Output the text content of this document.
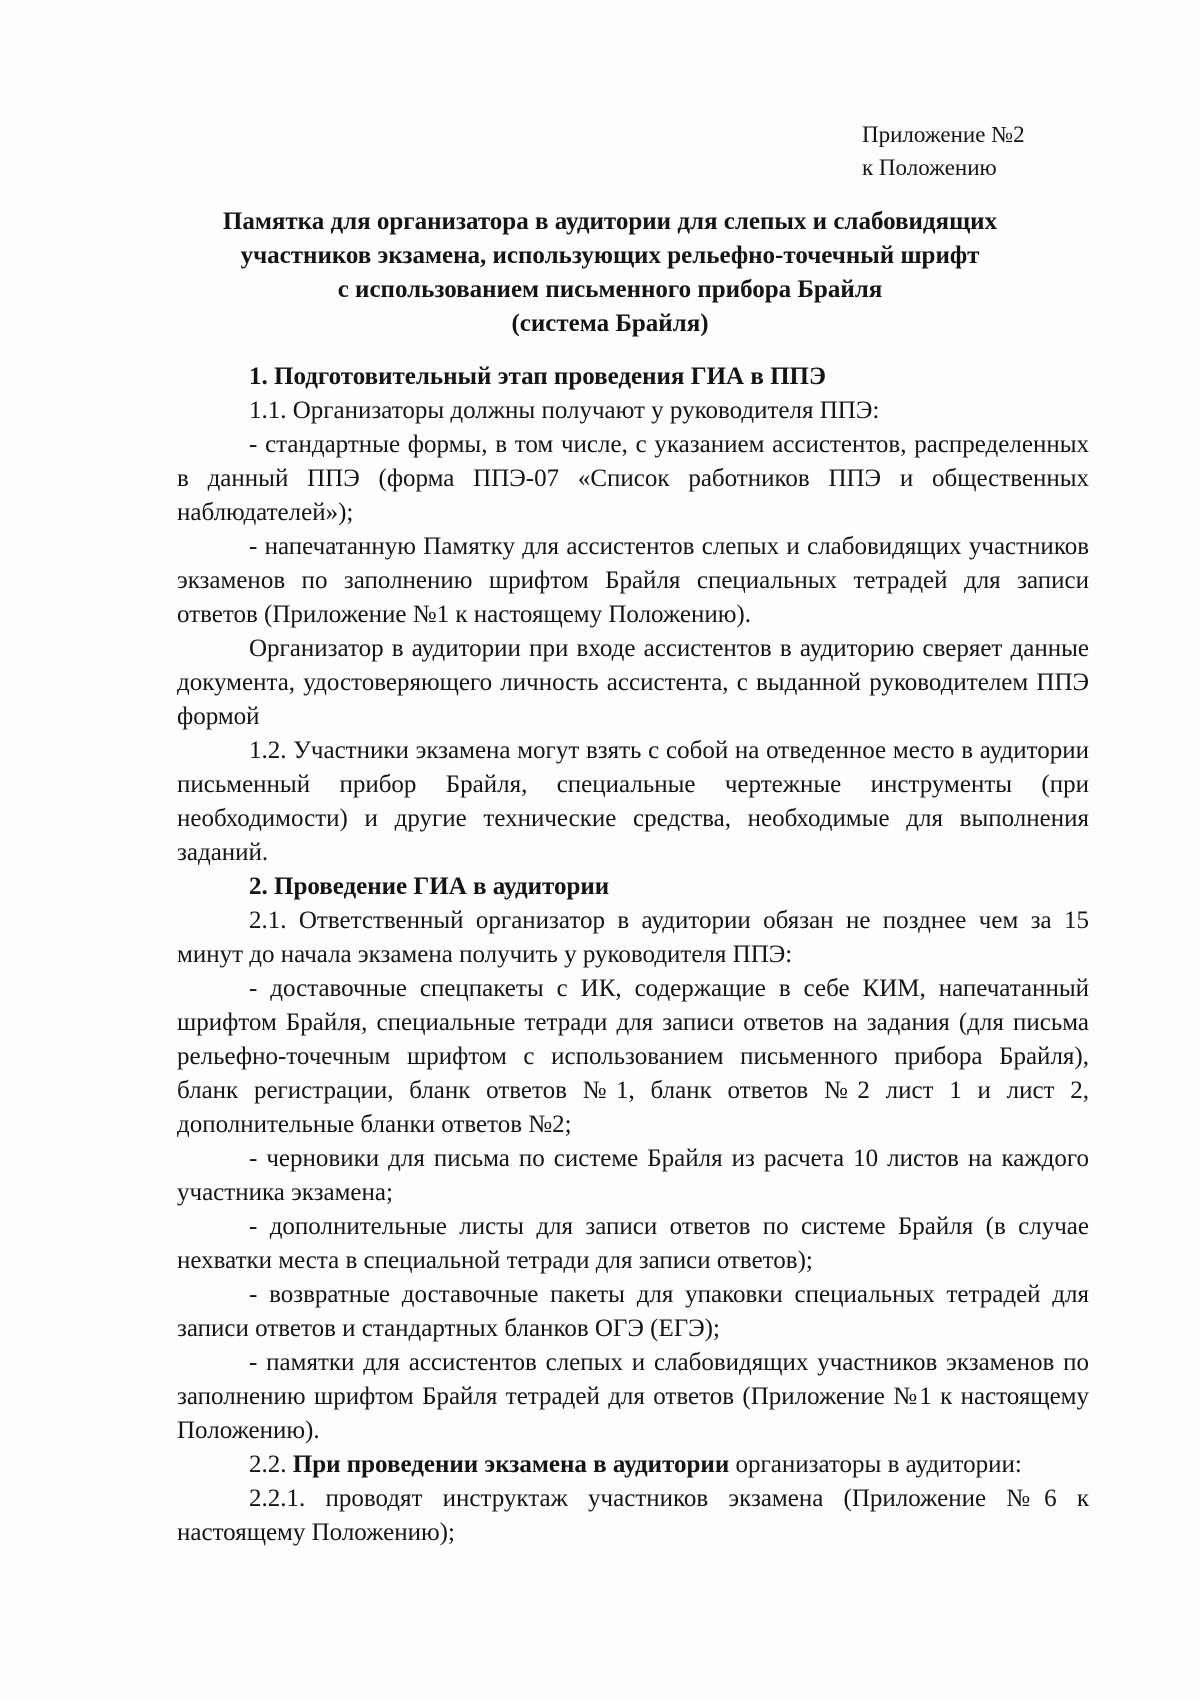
Приложение №2
к Положению
Памятка для организатора в аудитории для слепых и слабовидящих
участников экзамена, использующих рельефно-точечный шрифт
с использованием письменного прибора Брайля
(система Брайля)

1. Подготовительный этап проведения ГИА в ППЭ

1.1. Организаторы должны получают у руководителя ППЭ:

- стандартные формы, в том числе, с указанием ассистентов, распределенных в данный ППЭ (форма ППЭ-07 «Список работников ППЭ и общественных наблюдателей»);

- напечатанную Памятку для ассистентов слепых и слабовидящих участников экзаменов по заполнению шрифтом Брайля специальных тетрадей для записи ответов (Приложение №1 к настоящему Положению).

Организатор в аудитории при входе ассистентов в аудиторию сверяет данные документа, удостоверяющего личность ассистента, с выданной руководителем ППЭ формой

1.2. Участники экзамена могут взять с собой на отведенное место в аудитории письменный прибор Брайля, специальные чертежные инструменты (при необходимости) и другие технические средства, необходимые для выполнения заданий.

2. Проведение ГИА в аудитории

2.1. Ответственный организатор в аудитории обязан не позднее чем за 15 минут до начала экзамена получить у руководителя ППЭ:

- доставочные спецпакеты с ИК, содержащие в себе КИМ, напечатанный шрифтом Брайля, специальные тетради для записи ответов на задания (для письма рельефно-точечным шрифтом с использованием письменного прибора Брайля), бланк регистрации, бланк ответов №1, бланк ответов №2 лист 1 и лист 2, дополнительные бланки ответов №2;

- черновики для письма по системе Брайля из расчета 10 листов на каждого участника экзамена;

- дополнительные листы для записи ответов по системе Брайля (в случае нехватки места в специальной тетради для записи ответов);

- возвратные доставочные пакеты для упаковки специальных тетрадей для записи ответов и стандартных бланков ОГЭ (ЕГЭ);

- памятки для ассистентов слепых и слабовидящих участников экзаменов по заполнению шрифтом Брайля тетрадей для ответов (Приложение №1 к настоящему Положению).

2.2. При проведении экзамена в аудитории организаторы в аудитории:

2.2.1. проводят инструктаж участников экзамена (Приложение №6 к настоящему Положению);
